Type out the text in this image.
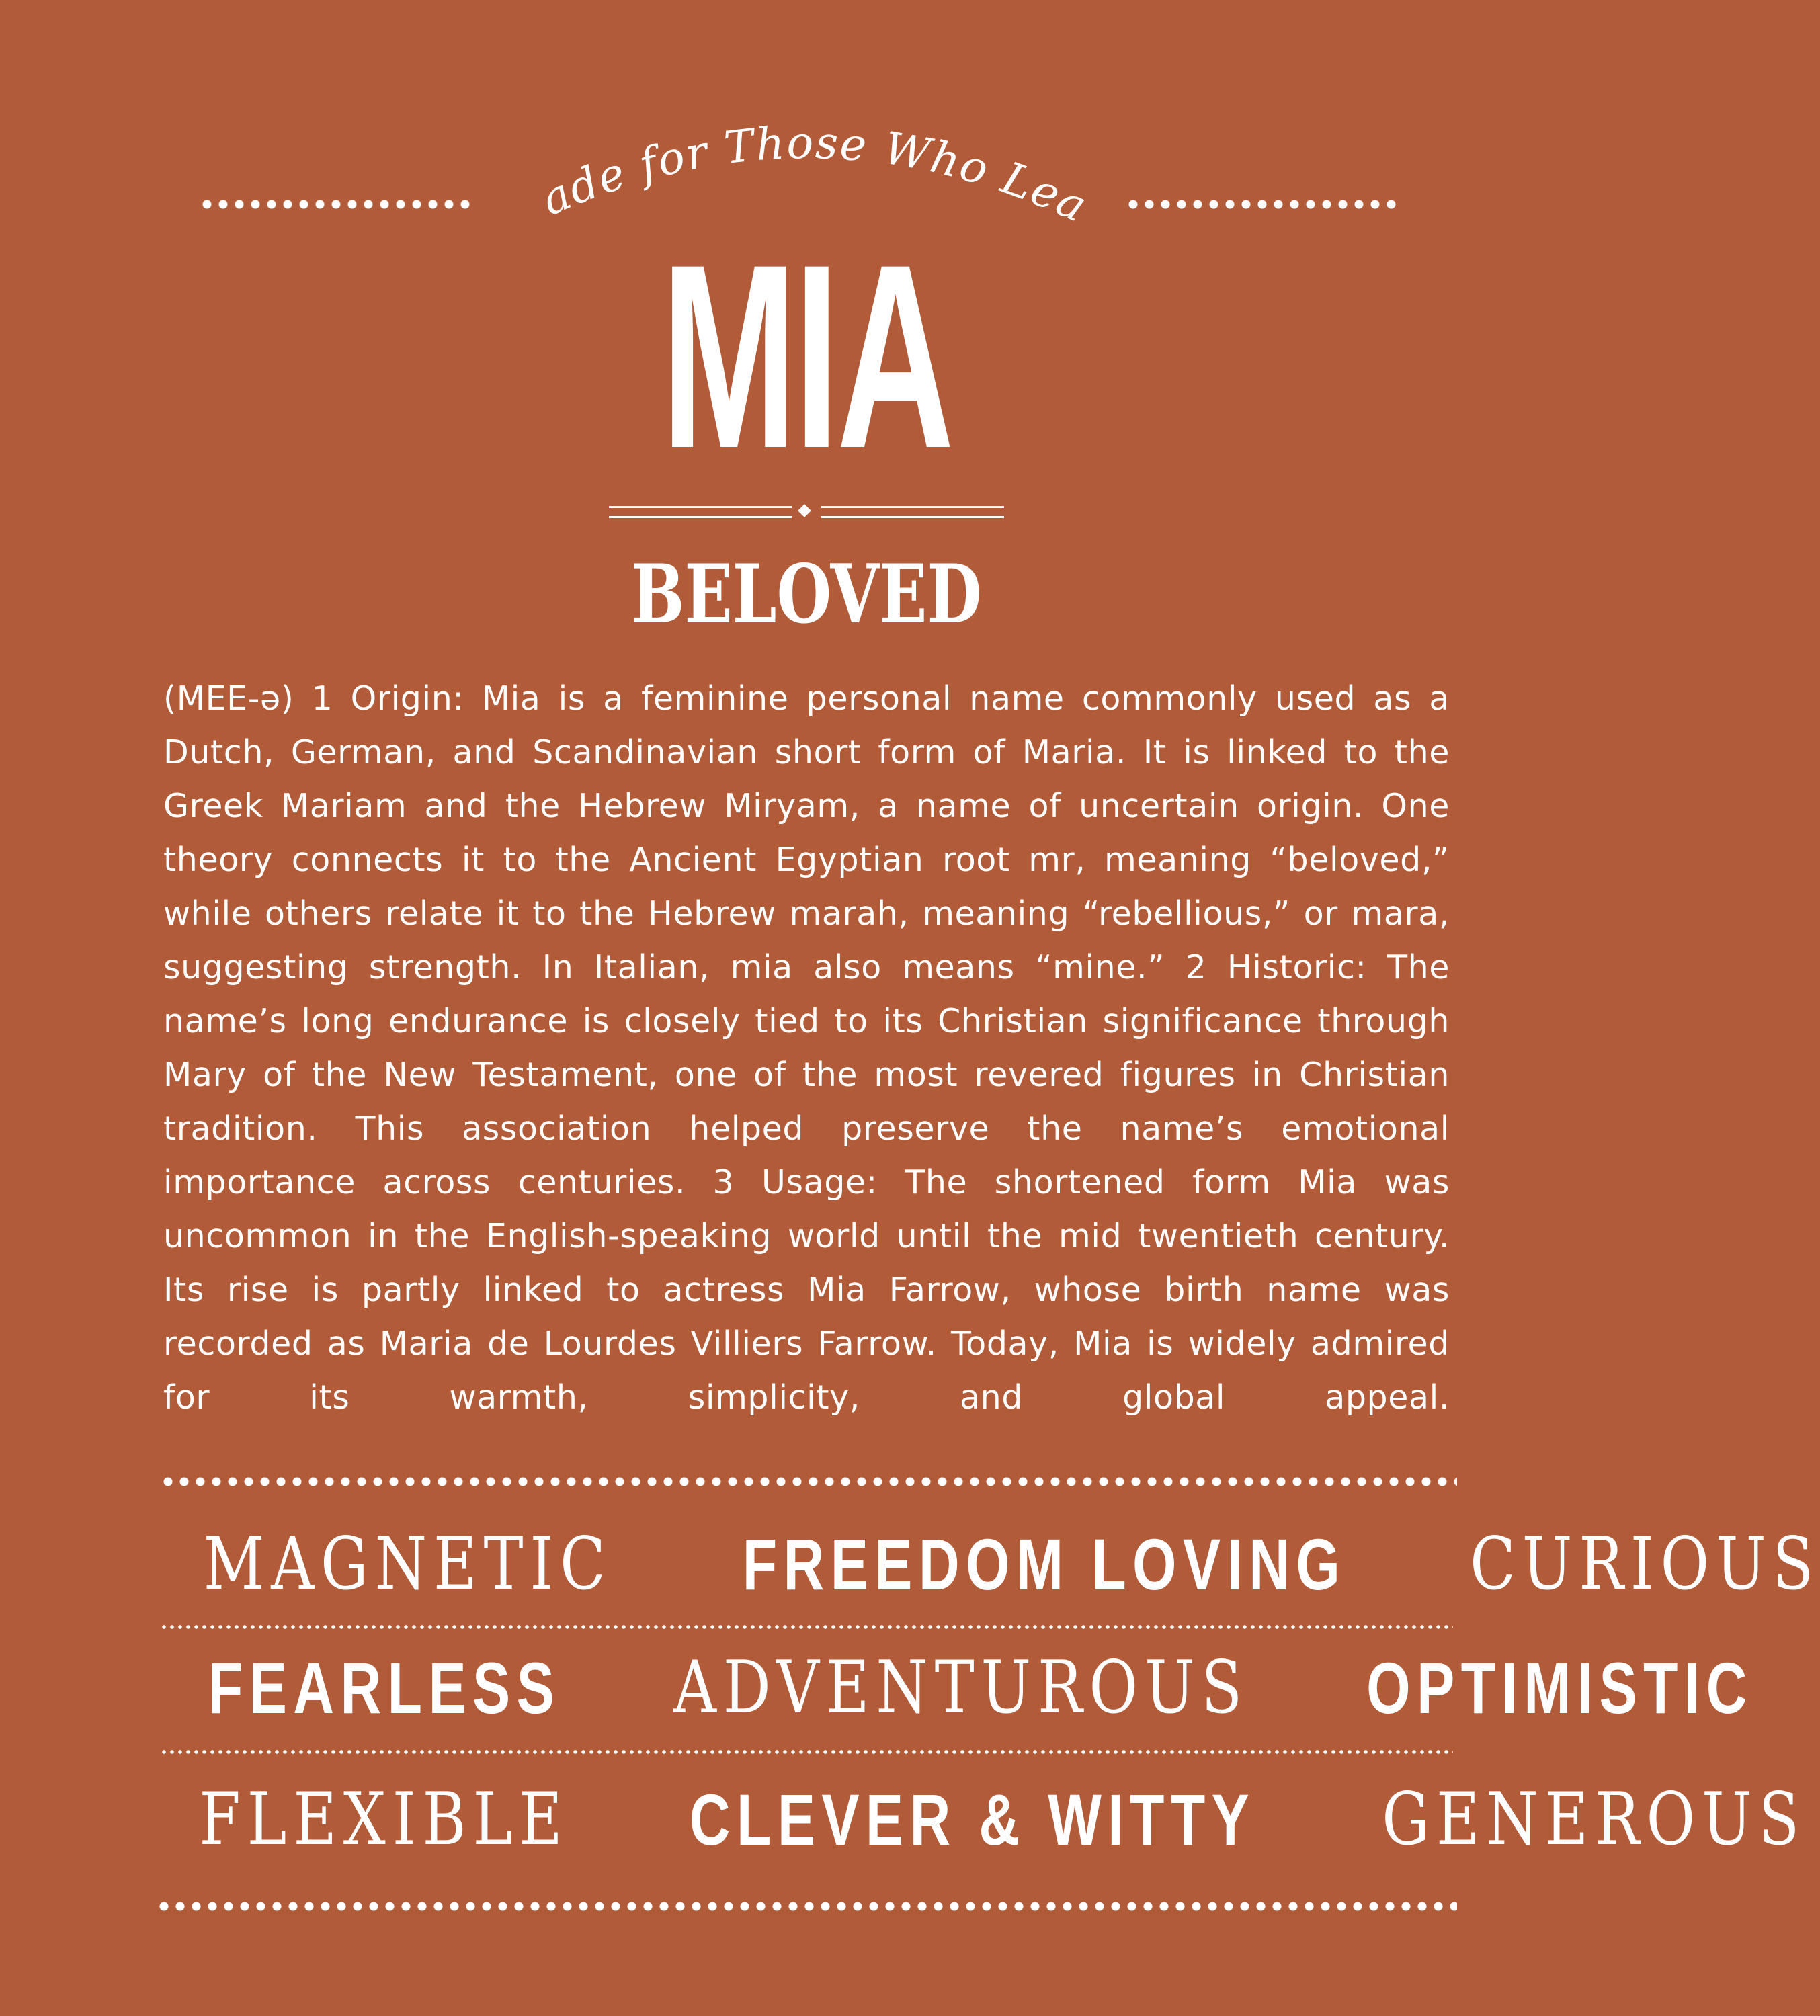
Made for Those Who Lead
MIA
BELOVED
(MEE-ə) 1 Origin: Mia is a feminine personal name commonly used as a Dutch, German, and Scandinavian short form of Maria. It is linked to the Greek Mariam and the Hebrew Miryam, a name of uncertain origin. One theory connects it to the Ancient Egyptian root mr, meaning “beloved,” while others relate it to the Hebrew marah, meaning “rebellious,” or mara, suggesting strength. In Italian, mia also means “mine.” 2 Historic: The name’s long endurance is closely tied to its Christian significance through Mary of the New Testament, one of the most revered figures in Christian tradition. This association helped preserve the name’s emotional importance across centuries. 3 Usage: The shortened form Mia was uncommon in the English-speaking world until the mid twentieth century. Its rise is partly linked to actress Mia Farrow, whose birth name was recorded as Maria de Lourdes Villiers Farrow. Today, Mia is widely admired for its warmth, simplicity, and global appeal.
MAGNETIC FREEDOM LOVING CURIOUS
FEARLESS ADVENTUROUS OPTIMISTIC
FLEXIBLE CLEVER & WITTY GENEROUS
